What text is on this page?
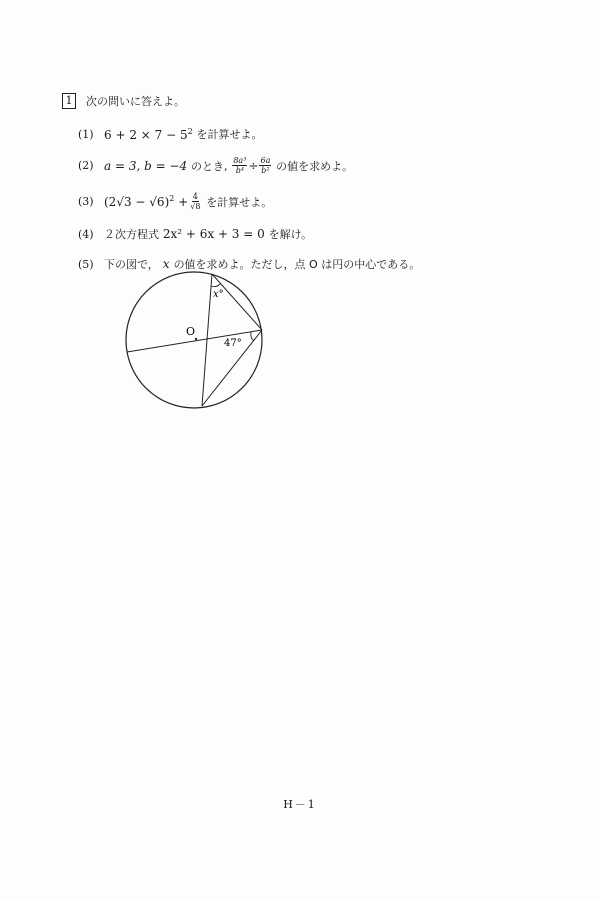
1	次の問いに答えよ。
(1) $6 + 2 \times 7 - 5^2$
を計算せよ。
(2) a = 3,
b = −4
のとき,
$\frac{\text{8a³}}{\text{b⁴}} \div \frac{6a}{\text{b²}}$
の値を求めよ。
(3) $(2√3 - √6)^2$
+ $\frac{4}{√8}$
を計算せよ。
(4) ２次方程式
2x² + 6x + 3 = 0
を解け。
(5) 下の図で， x の値を求めよ。ただし，点 O は円の中心である。
O
x°
47°
H－1
